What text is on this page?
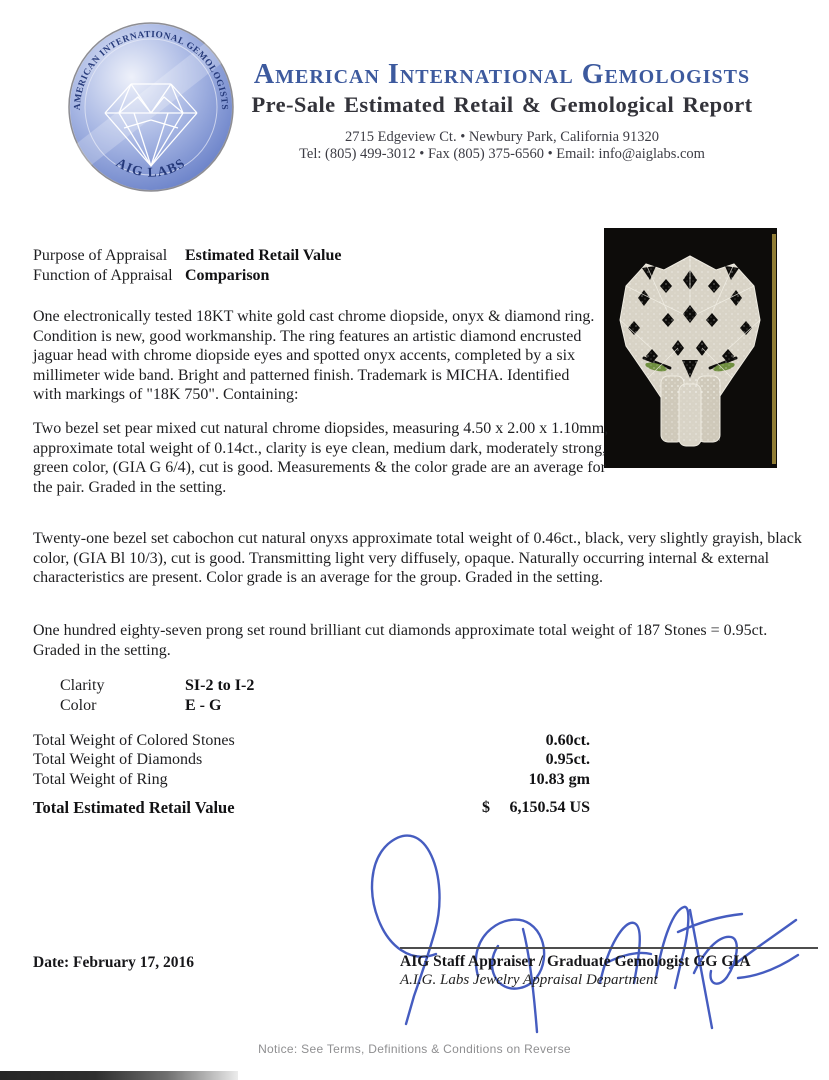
AMERICAN INTERNATIONAL GEMOLOGISTS
AIG LABS
American International Gemologists
Pre-Sale Estimated Retail & Gemological Report
2715 Edgeview Ct. • Newbury Park, California 91320
Tel: (805) 499-3012 • Fax (805) 375-6560 • Email: info@aiglabs.com
Purpose of Appraisal	Estimated Retail Value
Function of Appraisal Comparison
One electronically tested 18KT white gold cast chrome diopside, onyx & diamond ring. Condition is new, good workmanship. The ring features an artistic diamond encrusted jaguar head with chrome diopside eyes and spotted onyx accents, completed by a six millimeter wide band. Bright and patterned finish. Trademark is MICHA. Identified with markings of "18K 750". Containing:
Two bezel set pear mixed cut natural chrome diopsides, measuring 4.50 x 2.00 x 1.10mm, approximate total weight of 0.14ct., clarity is eye clean, medium dark, moderately strong, green color, (GIA G 6/4), cut is good. Measurements & the color grade are an average for the pair. Graded in the setting.
Twenty-one bezel set cabochon cut natural onyxs approximate total weight of 0.46ct., black, very slightly grayish, black color, (GIA Bl 10/3), cut is good. Transmitting light very diffusely, opaque. Naturally occurring internal & external characteristics are present. Color grade is an average for the group. Graded in the setting.
One hundred eighty-seven prong set round brilliant cut diamonds approximate total weight of 187 Stones = 0.95ct. Graded in the setting.
Clarity	SI-2 to I-2
Color	E - G
Total Weight of Colored Stones	0.60ct.
Total Weight of Diamonds	0.95ct.
Total Weight of Ring	10.83 gm
Total Estimated Retail Value	$ 6,150.54 US
Date: February 17, 2016	AIG Staff Appraiser / Graduate Gemologist GG GIA
A.I.G. Labs Jewelry Appraisal Department
Notice: See Terms, Definitions & Conditions on Reverse
